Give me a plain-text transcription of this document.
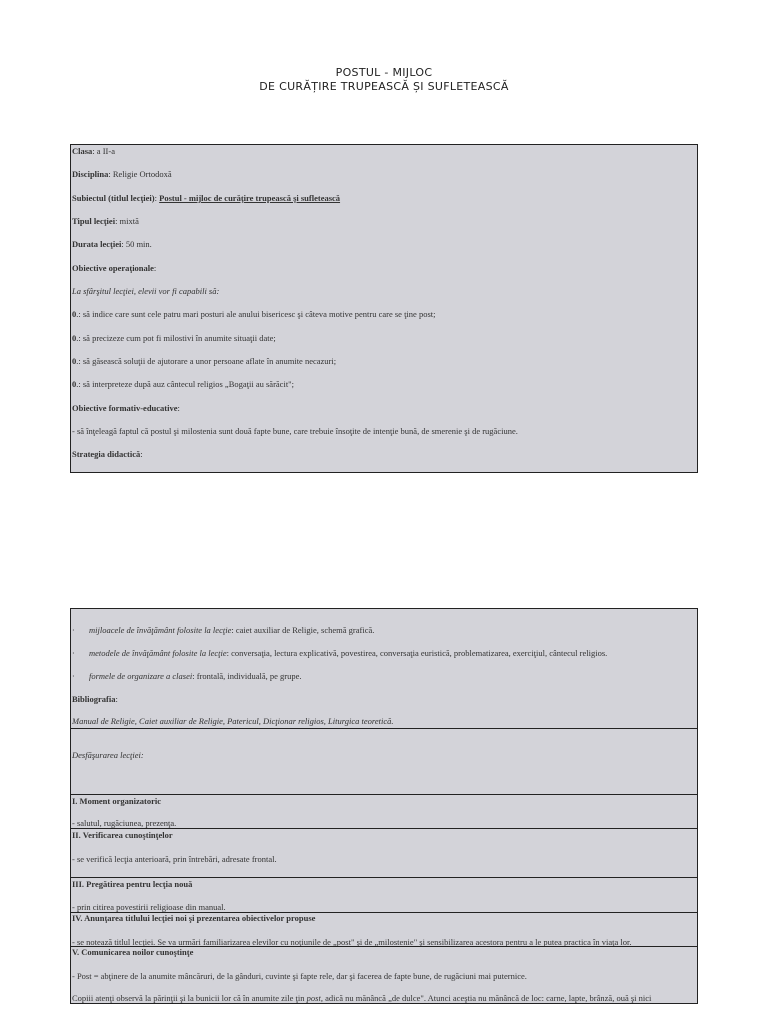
POSTUL - MIJLOC
DE CURĂȚIRE TRUPEASCĂ ȘI SUFLETEASCĂ
Clasa: a II-a
Disciplina: Religie Ortodoxă
Subiectul (titlul lecţiei): Postul - mijloc de curăţire trupească şi sufletească
Tipul lecţiei: mixtă
Durata lecţiei: 50 min.
Obiective operaţionale:
La sfârşitul lecţiei, elevii vor fi capabili să:
0.: să indice care sunt cele patru mari posturi ale anului bisericesc şi câteva motive pentru care se ţine post;
0.: să precizeze cum pot fi milostivi în anumite situaţii date;
0.: să găsească soluţii de ajutorare a unor persoane aflate în anumite necazuri;
0.: să interpreteze după auz cântecul religios „Bogaţii au sărăcit";
Obiective formativ-educative:
- să înţeleagă faptul că postul şi milostenia sunt două fapte bune, care trebuie însoţite de intenţie bună, de smerenie şi de rugăciune.
Strategia didactică:
· mijloacele de învăţământ folosite la lecţie: caiet auxiliar de Religie, schemă grafică.
· metodele de învăţământ folosite la lecţie: conversaţia, lectura explicativă, povestirea, conversaţia euristică, problematizarea, exerciţiul, cântecul religios.
· formele de organizare a clasei: frontală, individuală, pe grupe.
Bibliografia:
Manual de Religie, Caiet auxiliar de Religie, Patericul, Dicţionar religios, Liturgica teoretică.
Desfăşurarea lecţiei:
I. Moment organizatoric
- salutul, rugăciunea, prezenţa.
II. Verificarea cunoştinţelor
- se verifică lecţia anterioară, prin întrebări, adresate frontal.
III. Pregătirea pentru lecţia nouă
- prin citirea povestirii religioase din manual.
IV. Anunţarea titlului lecţiei noi şi prezentarea obiectivelor propuse
- se notează titlul lecţiei. Se va urmări familiarizarea elevilor cu noţiunile de „post" şi de „milostenie" şi sensibilizarea acestora pentru a le putea practica în viaţa lor.
V. Comunicarea noilor cunoştinţe
- Post = abţinere de la anumite mâncăruri, de la gânduri, cuvinte şi fapte rele, dar şi facerea de fapte bune, de rugăciuni mai puternice.
Copiii atenţi observă la părinţii şi la bunicii lor că în anumite zile ţin post, adică nu mănâncă „de dulce". Atunci aceştia nu mănâncă de loc: carne, lapte, brânză, ouă şi nici
